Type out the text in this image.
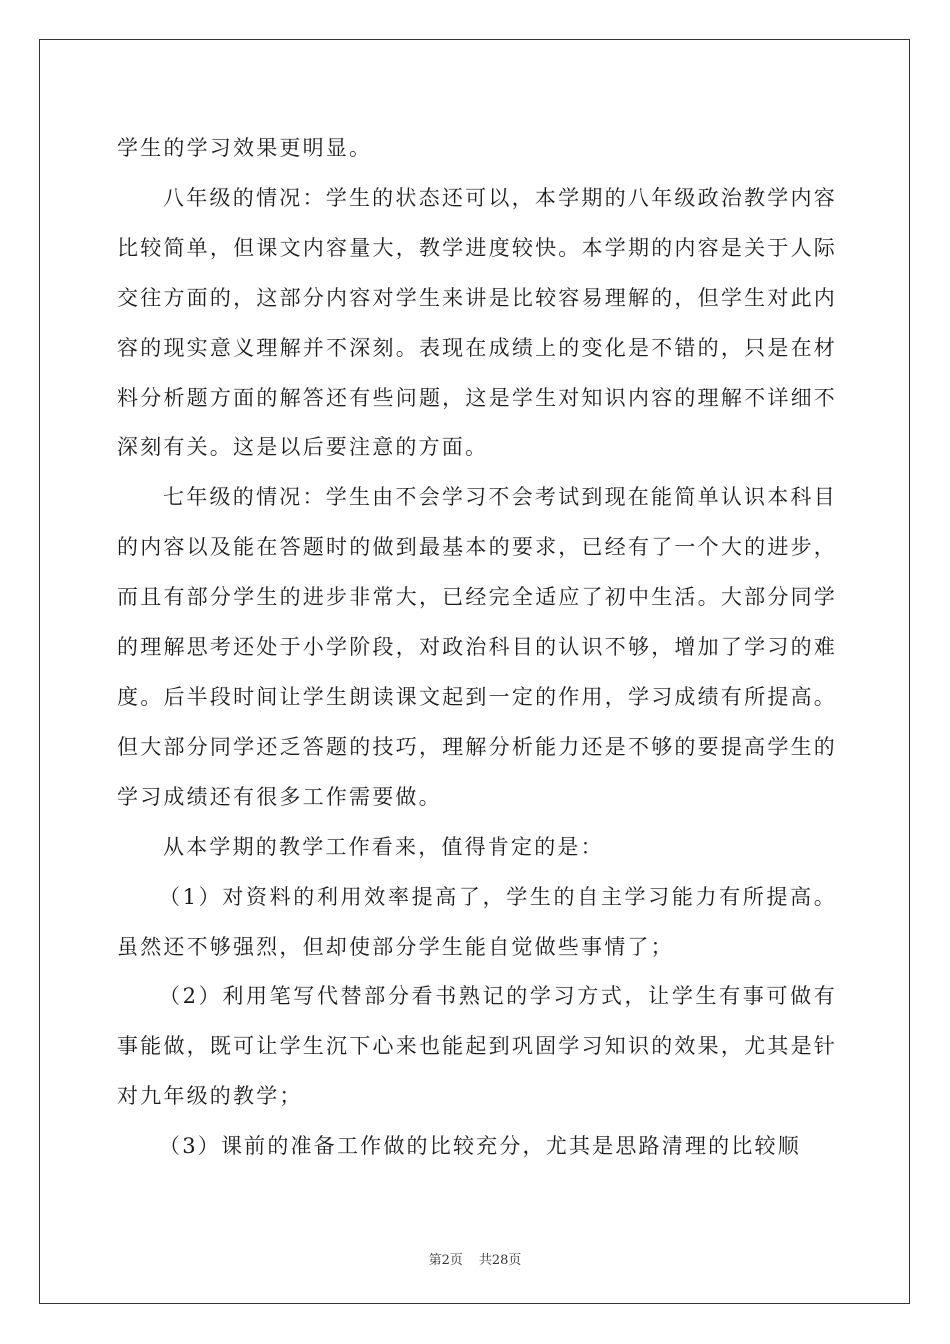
学生的学习效果更明显。

八年级的情况：学生的状态还可以，本学期的八年级政治教学内容比较简单，但课文内容量大，教学进度较快。本学期的内容是关于人际交往方面的，这部分内容对学生来讲是比较容易理解的，但学生对此内容的现实意义理解并不深刻。表现在成绩上的变化是不错的，只是在材料分析题方面的解答还有些问题，这是学生对知识内容的理解不详细不深刻有关。这是以后要注意的方面。

七年级的情况：学生由不会学习不会考试到现在能简单认识本科目的内容以及能在答题时的做到最基本的要求，已经有了一个大的进步，而且有部分学生的进步非常大，已经完全适应了初中生活。大部分同学的理解思考还处于小学阶段，对政治科目的认识不够，增加了学习的难度。后半段时间让学生朗读课文起到一定的作用，学习成绩有所提高。但大部分同学还乏答题的技巧，理解分析能力还是不够的要提高学生的学习成绩还有很多工作需要做。

从本学期的教学工作看来，值得肯定的是：

（1）对资料的利用效率提高了，学生的自主学习能力有所提高。虽然还不够强烈，但却使部分学生能自觉做些事情了；

（2）利用笔写代替部分看书熟记的学习方式，让学生有事可做有事能做，既可让学生沉下心来也能起到巩固学习知识的效果，尤其是针对九年级的教学；

（3）课前的准备工作做的比较充分，尤其是思路清理的比较顺

第2页 共28页
